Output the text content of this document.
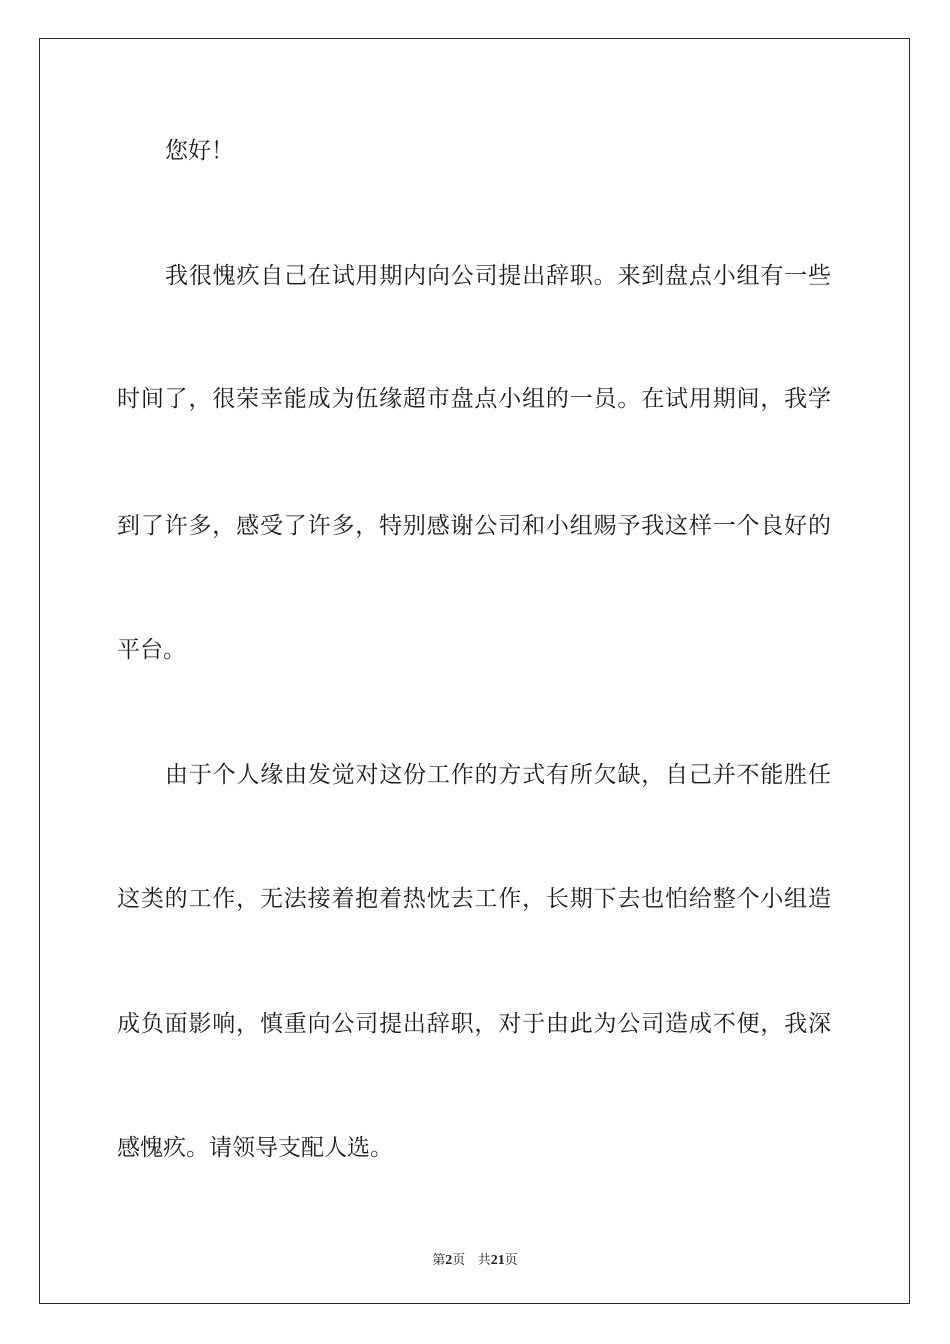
您好！
我很愧疚自己在试用期内向公司提出辞职。来到盘点小组有一些
时间了，很荣幸能成为伍缘超市盘点小组的一员。在试用期间，我学
到了许多，感受了许多，特别感谢公司和小组赐予我这样一个良好的
平台。
由于个人缘由发觉对这份工作的方式有所欠缺，自己并不能胜任
这类的工作，无法接着抱着热忱去工作，长期下去也怕给整个小组造
成负面影响，慎重向公司提出辞职，对于由此为公司造成不便，我深
感愧疚。请领导支配人选。
第2页 共21页
